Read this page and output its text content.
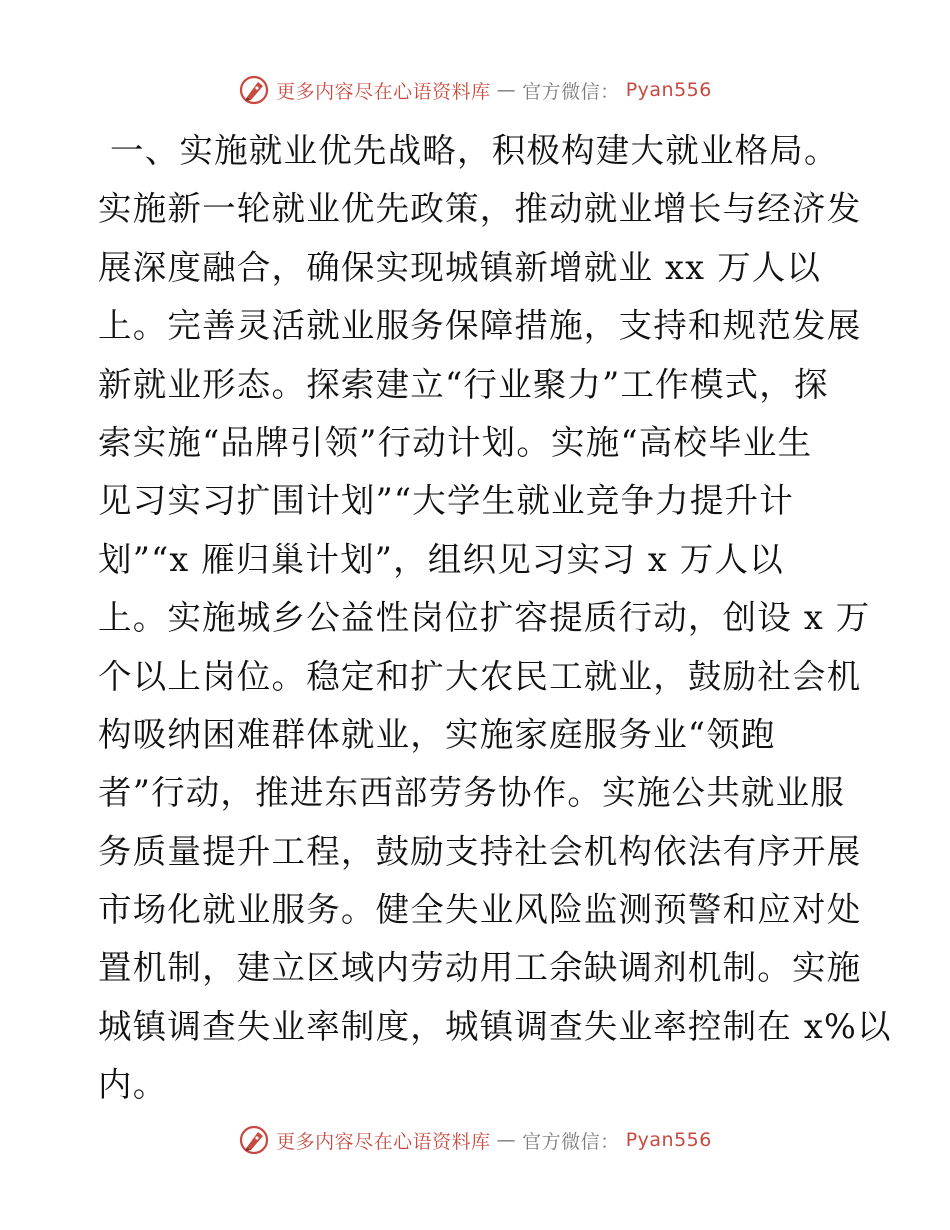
更多内容尽在心语资料库 — 官方微信： Pyan556
一、实施就业优先战略，积极构建大就业格局。
实施新一轮就业优先政策，推动就业增长与经济发
展深度融合，确保实现城镇新增就业 xx 万人以
上。完善灵活就业服务保障措施，支持和规范发展
新就业形态。探索建立“行业聚力”工作模式，探
索实施“品牌引领”行动计划。实施“高校毕业生
见习实习扩围计划”“大学生就业竞争力提升计
划”“x 雁归巢计划”，组织见习实习 x 万人以
上。实施城乡公益性岗位扩容提质行动，创设 x 万
个以上岗位。稳定和扩大农民工就业，鼓励社会机
构吸纳困难群体就业，实施家庭服务业“领跑
者”行动，推进东西部劳务协作。实施公共就业服
务质量提升工程，鼓励支持社会机构依法有序开展
市场化就业服务。健全失业风险监测预警和应对处
置机制，建立区域内劳动用工余缺调剂机制。实施
城镇调查失业率制度，城镇调查失业率控制在 x%以
内。
更多内容尽在心语资料库 — 官方微信： Pyan556
